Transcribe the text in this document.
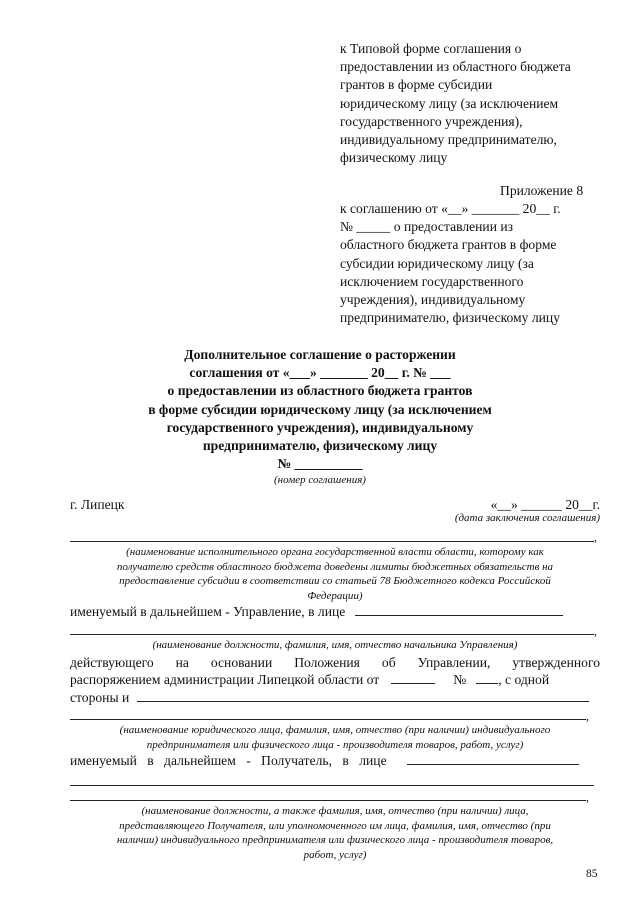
к Типовой форме соглашения о
предоставлении из областного бюджета
грантов в форме субсидии
юридическому лицу (за исключением
государственного учреждения),
индивидуальному предпринимателю,
физическому лицу
Приложение 8
к соглашению от «__» _______ 20__ г.
№ _____ о предоставлении из
областного бюджета грантов в форме
субсидии юридическому лицу (за
исключением государственного
учреждения), индивидуальному
предпринимателю, физическому лицу
Дополнительное соглашение о расторжении
соглашения от «___» _______ 20__ г. № ___
о предоставлении из областного бюджета грантов
в форме субсидии юридическому лицу (за исключением
государственного учреждения), индивидуальному
предпринимателю, физическому лицу
№ __________
(номер соглашения)
г. Липецк	«__» ______ 20__г.
(дата заключения соглашения)
,
(наименование исполнительного органа государственной власти области, которому как
получателю средств областного бюджета доведены лимиты бюджетных обязательств на
предоставление субсидии в соответствии со статьей 78 Бюджетного кодекса Российской
Федерации)
именуемый в дальнейшем - Управление, в лице
,
(наименование должности, фамилия, имя, отчество начальника Управления)
действующего на основании Положения об Управлении, утвержденного
распоряжением администрации Липецкой области от	№ , с одной
стороны и
,
(наименование юридического лица, фамилия, имя, отчество (при наличии) индивидуального
предпринимателя или физического лица - производителя товаров, работ, услуг)
именуемый в дальнейшем - Получатель, в лице
,
(наименование должности, а также фамилия, имя, отчество (при наличии) лица,
представляющего Получателя, или уполномоченного им лица, фамилия, имя, отчество (при
наличии) индивидуального предпринимателя или физического лица - производителя товаров,
работ, услуг)
85
